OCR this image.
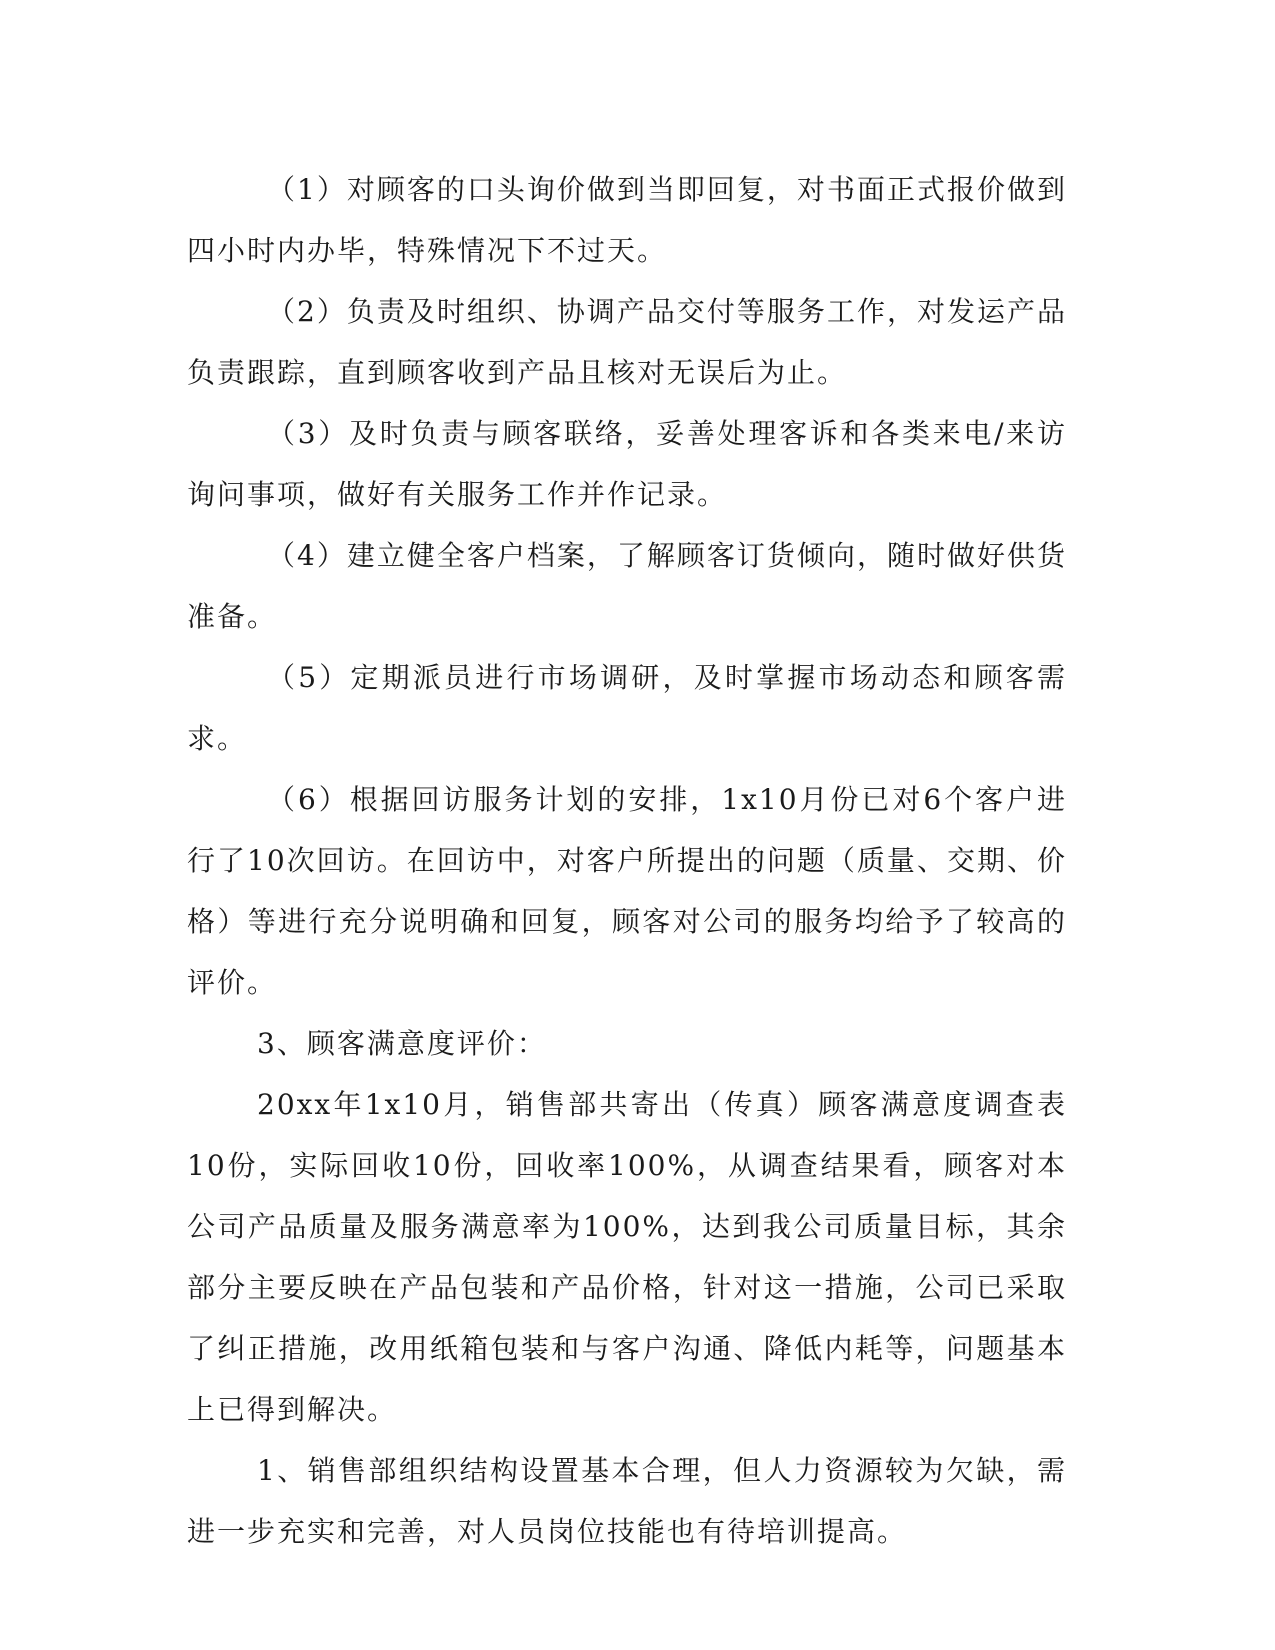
（1）对顾客的口头询价做到当即回复，对书面正式报价做到四小时内办毕，特殊情况下不过天。

（2）负责及时组织、协调产品交付等服务工作，对发运产品负责跟踪，直到顾客收到产品且核对无误后为止。

（3）及时负责与顾客联络，妥善处理客诉和各类来电/来访询问事项，做好有关服务工作并作记录。

（4）建立健全客户档案，了解顾客订货倾向，随时做好供货准备。

（5）定期派员进行市场调研，及时掌握市场动态和顾客需求。

（6）根据回访服务计划的安排，1x10月份已对6个客户进行了10次回访。在回访中，对客户所提出的问题（质量、交期、价格）等进行充分说明确和回复，顾客对公司的服务均给予了较高的评价。

3、顾客满意度评价：

20xx年1x10月，销售部共寄出（传真）顾客满意度调查表10份，实际回收10份，回收率100%，从调查结果看，顾客对本公司产品质量及服务满意率为100%，达到我公司质量目标，其余部分主要反映在产品包装和产品价格，针对这一措施，公司已采取了纠正措施，改用纸箱包装和与客户沟通、降低内耗等，问题基本上已得到解决。

1、销售部组织结构设置基本合理，但人力资源较为欠缺，需进一步充实和完善，对人员岗位技能也有待培训提高。
